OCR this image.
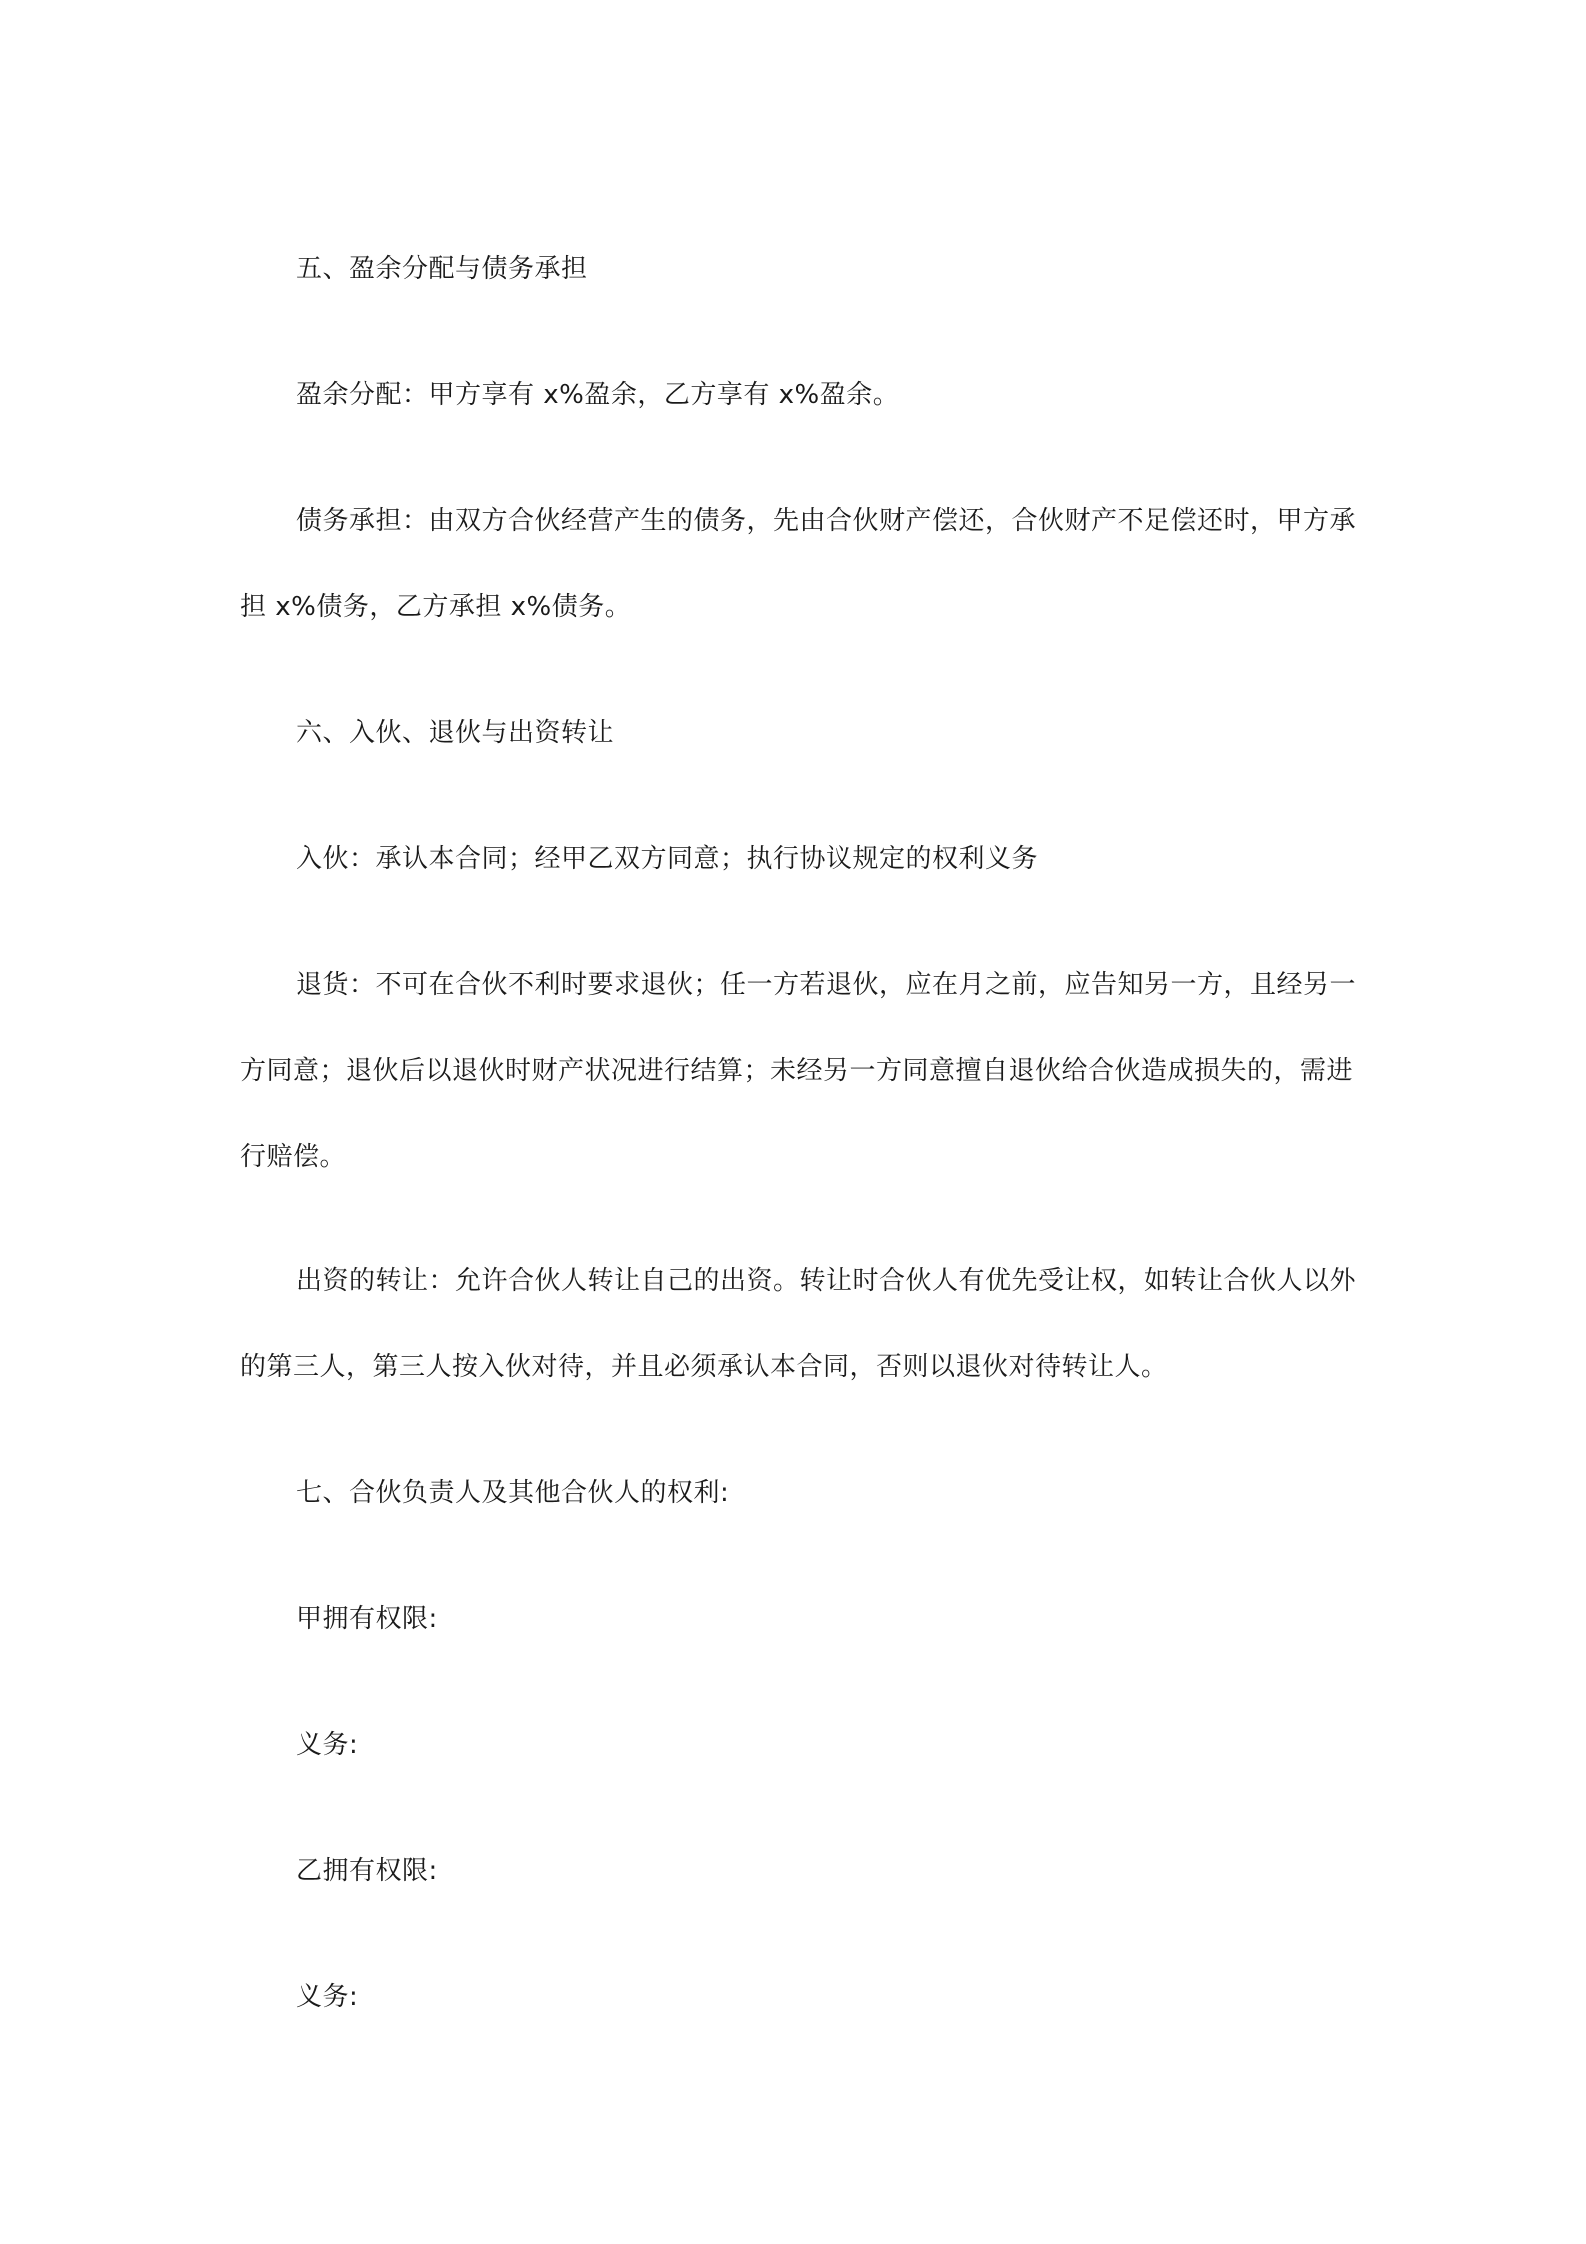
五、盈余分配与债务承担

盈余分配：甲方享有 x%盈余，乙方享有 x%盈余。

债务承担：由双方合伙经营产生的债务，先由合伙财产偿还，合伙财产不足偿还时，甲方承担 x%债务，乙方承担 x%债务。

六、入伙、退伙与出资转让

入伙：承认本合同；经甲乙双方同意；执行协议规定的权利义务

退货：不可在合伙不利时要求退伙；任一方若退伙，应在月之前，应告知另一方，且经另一方同意；退伙后以退伙时财产状况进行结算；未经另一方同意擅自退伙给合伙造成损失的，需进行赔偿。

出资的转让：允许合伙人转让自己的出资。转让时合伙人有优先受让权，如转让合伙人以外的第三人，第三人按入伙对待，并且必须承认本合同，否则以退伙对待转让人。

七、合伙负责人及其他合伙人的权利:

甲拥有权限:

义务:

乙拥有权限:

义务:
